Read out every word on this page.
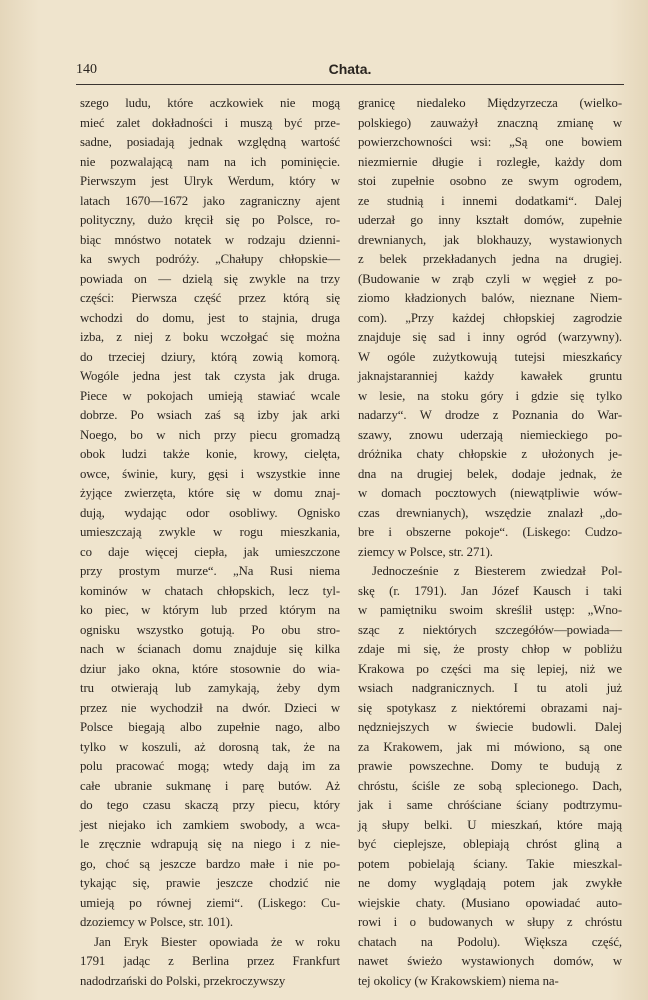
140	Chata.
szego ludu, które aczkowiek nie mogą
mieć zalet dokładności i muszą być prze-
sadne, posiadają jednak względną wartość
nie pozwalającą nam na ich pominięcie.
Pierwszym jest Ulryk Werdum, który w
latach 1670—1672 jako zagraniczny ajent
polityczny, dużo kręcił się po Polsce, ro-
biąc mnóstwo notatek w rodzaju dzienni-
ka swych podróży. „Chałupy chłopskie—
powiada on — dzielą się zwykle na trzy
części: Pierwsza część przez którą się
wchodzi do domu, jest to stajnia, druga
izba, z niej z boku wczołgać się można
do trzeciej dziury, którą zowią komorą.
Wogóle jedna jest tak czysta jak druga.
Piece w pokojach umieją stawiać wcale
dobrze. Po wsiach zaś są izby jak arki
Noego, bo w nich przy piecu gromadzą
obok ludzi także konie, krowy, cielęta,
owce, świnie, kury, gęsi i wszystkie inne
żyjące zwierzęta, które się w domu znaj-
dują, wydając odor osobliwy. Ognisko
umieszczają zwykle w rogu mieszkania,
co daje więcej ciepła, jak umieszczone
przy prostym murze“. „Na Rusi niema
kominów w chatach chłopskich, lecz tyl-
ko piec, w którym lub przed którym na
ognisku wszystko gotują. Po obu stro-
nach w ścianach domu znajduje się kilka
dziur jako okna, które stosownie do wia-
tru otwierają lub zamykają, żeby dym
przez nie wychodził na dwór. Dzieci w
Polsce biegają albo zupełnie nago, albo
tylko w koszuli, aż dorosną tak, że na
polu pracować mogą; wtedy dają im za
całe ubranie sukmanę i parę butów. Aż
do tego czasu skaczą przy piecu, który
jest niejako ich zamkiem swobody, a wca-
le zręcznie wdrapują się na niego i z nie-
go, choć są jeszcze bardzo małe i nie po-
tykając się, prawie jeszcze chodzić nie
umieją po równej ziemi“. (Liskego: Cu-
dzoziemcy w Polsce, str. 101).
Jan Eryk Biester opowiada że w roku
1791 jadąc z Berlina przez Frankfurt
nadodrzański do Polski, przekroczywszy
granicę niedaleko Międzyrzecza (wielko-
polskiego) zauważył znaczną zmianę w
powierzchowności wsi: „Są one bowiem
niezmiernie długie i rozległe, każdy dom
stoi zupełnie osobno ze swym ogrodem,
ze studnią i innemi dodatkami“. Dalej
uderzał go inny kształt domów, zupełnie
drewnianych, jak blokhauzy, wystawionych
z belek przekładanych jedna na drugiej.
(Budowanie w zrąb czyli w węgieł z po-
ziomo kładzionych balów, nieznane Niem-
com). „Przy każdej chłopskiej zagrodzie
znajduje się sad i inny ogród (warzywny).
W ogóle zużytkowują tutejsi mieszkańcy
jaknajstaranniej każdy kawałek gruntu
w lesie, na stoku góry i gdzie się tylko
nadarzy“. W drodze z Poznania do War-
szawy, znowu uderzają niemieckiego po-
dróżnika chaty chłopskie z ułożonych je-
dna na drugiej belek, dodaje jednak, że
w domach pocztowych (niewątpliwie wów-
czas drewnianych), wszędzie znalazł „do-
bre i obszerne pokoje“. (Liskego: Cudzo-
ziemcy w Polsce, str. 271).
Jednocześnie z Biesterem zwiedzał Pol-
skę (r. 1791). Jan Józef Kausch i taki
w pamiętniku swoim skreślił ustęp: „Wno-
sząc z niektórych szczegółów—powiada—
zdaje mi się, że prosty chłop w pobliżu
Krakowa po części ma się lepiej, niż we
wsiach nadgranicznych. I tu atoli już
się spotykasz z niektóremi obrazami naj-
nędzniejszych w świecie budowli. Dalej
za Krakowem, jak mi mówiono, są one
prawie powszechne. Domy te budują z
chróstu, ściśle ze sobą splecionego. Dach,
jak i same chróściane ściany podtrzymu-
ją słupy belki. U mieszkań, które mają
być cieplejsze, oblepiają chróst gliną a
potem pobielają ściany. Takie mieszkal-
ne domy wyglądają potem jak zwykłe
wiejskie chaty. (Musiano opowiadać auto-
rowi i o budowanych w słupy z chróstu
chatach na Podolu). Większa część,
nawet świeżo wystawionych domów, w
tej okolicy (w Krakowskiem) niema na-
